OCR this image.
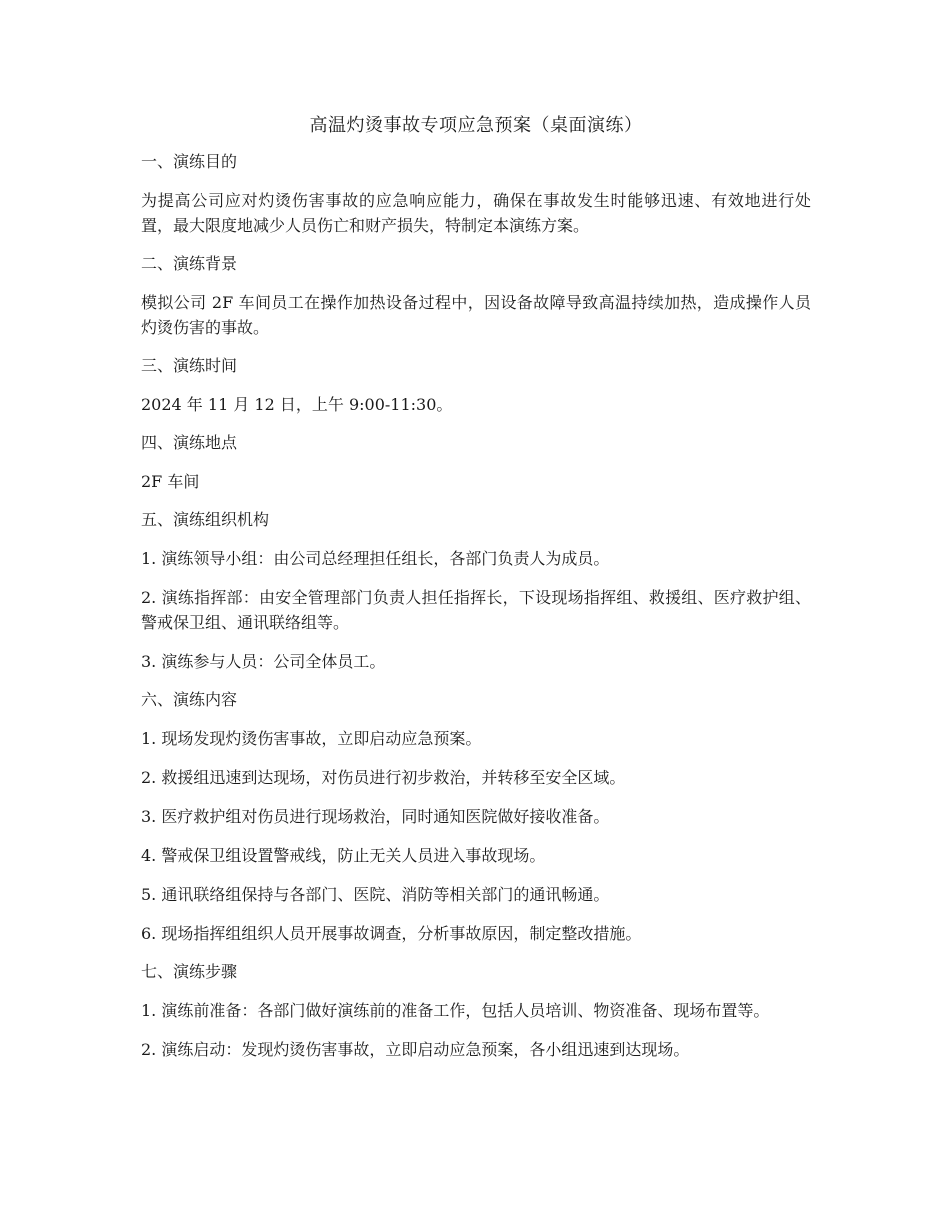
高温灼烫事故专项应急预案（桌面演练）

一、演练目的

为提高公司应对灼烫伤害事故的应急响应能力，确保在事故发生时能够迅速、有效地进行处置，最大限度地减少人员伤亡和财产损失，特制定本演练方案。

二、演练背景

模拟公司 2F 车间员工在操作加热设备过程中，因设备故障导致高温持续加热，造成操作人员灼烫伤害的事故。

三、演练时间

2024 年 11 月 12 日，上午 9:00-11:30。

四、演练地点

2F 车间

五、演练组织机构

1. 演练领导小组：由公司总经理担任组长，各部门负责人为成员。
2. 演练指挥部：由安全管理部门负责人担任指挥长，下设现场指挥组、救援组、医疗救护组、警戒保卫组、通讯联络组等。
3. 演练参与人员：公司全体员工。

六、演练内容

1. 现场发现灼烫伤害事故，立即启动应急预案。
2. 救援组迅速到达现场，对伤员进行初步救治，并转移至安全区域。
3. 医疗救护组对伤员进行现场救治，同时通知医院做好接收准备。
4. 警戒保卫组设置警戒线，防止无关人员进入事故现场。
5. 通讯联络组保持与各部门、医院、消防等相关部门的通讯畅通。
6. 现场指挥组组织人员开展事故调查，分析事故原因，制定整改措施。

七、演练步骤

1. 演练前准备：各部门做好演练前的准备工作，包括人员培训、物资准备、现场布置等。
2. 演练启动：发现灼烫伤害事故，立即启动应急预案，各小组迅速到达现场。
